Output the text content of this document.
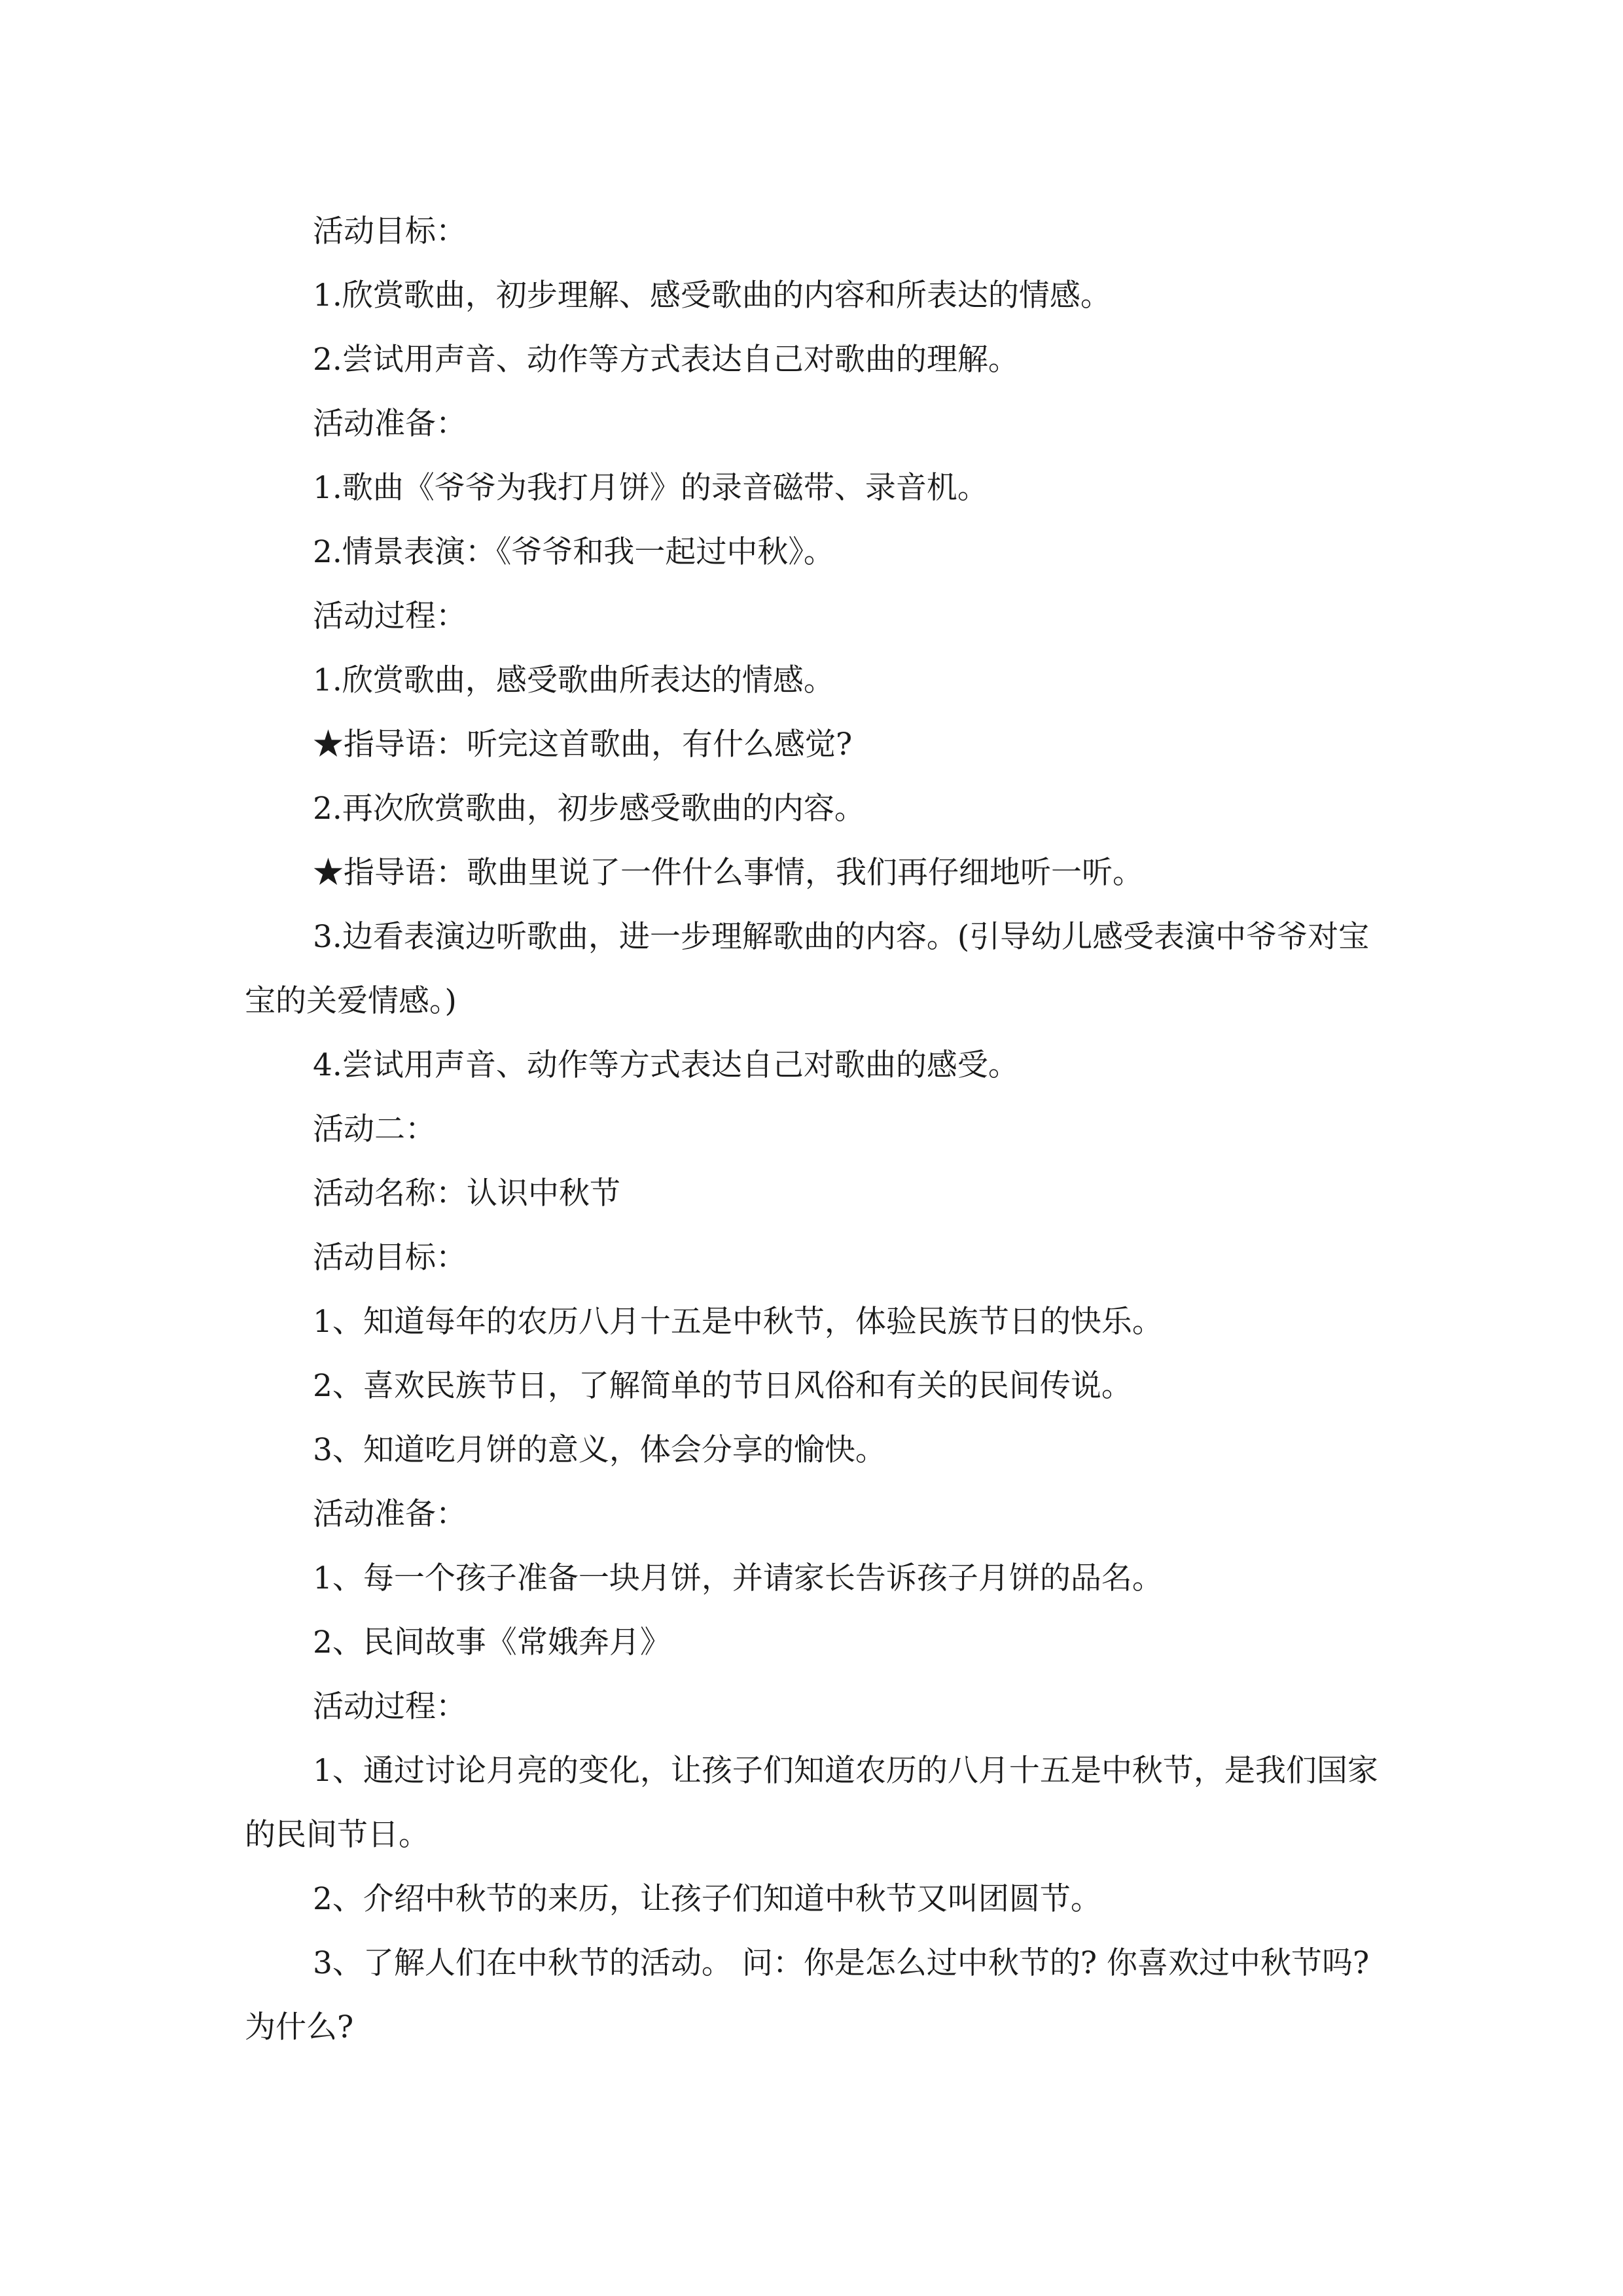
活动目标：

1.欣赏歌曲，初步理解、感受歌曲的内容和所表达的情感。

2.尝试用声音、动作等方式表达自己对歌曲的理解。

活动准备：

1.歌曲《爷爷为我打月饼》的录音磁带、录音机。

2.情景表演：《爷爷和我一起过中秋》。

活动过程：

1.欣赏歌曲，感受歌曲所表达的情感。

★指导语：听完这首歌曲，有什么感觉?

2.再次欣赏歌曲，初步感受歌曲的内容。

★指导语：歌曲里说了一件什么事情，我们再仔细地听一听。

3.边看表演边听歌曲，进一步理解歌曲的内容。(引导幼儿感受表演中爷爷对宝宝的关爱情感。)

4.尝试用声音、动作等方式表达自己对歌曲的感受。

活动二：

活动名称：认识中秋节

活动目标：

1、知道每年的农历八月十五是中秋节，体验民族节日的快乐。

2、喜欢民族节日，了解简单的节日风俗和有关的民间传说。

3、知道吃月饼的意义，体会分享的愉快。

活动准备：

1、每一个孩子准备一块月饼，并请家长告诉孩子月饼的品名。

2、民间故事《常娥奔月》

活动过程：

1、通过讨论月亮的变化，让孩子们知道农历的八月十五是中秋节，是我们国家的民间节日。

2、介绍中秋节的来历，让孩子们知道中秋节又叫团圆节。

3、了解人们在中秋节的活动。 问：你是怎么过中秋节的? 你喜欢过中秋节吗?为什么?
